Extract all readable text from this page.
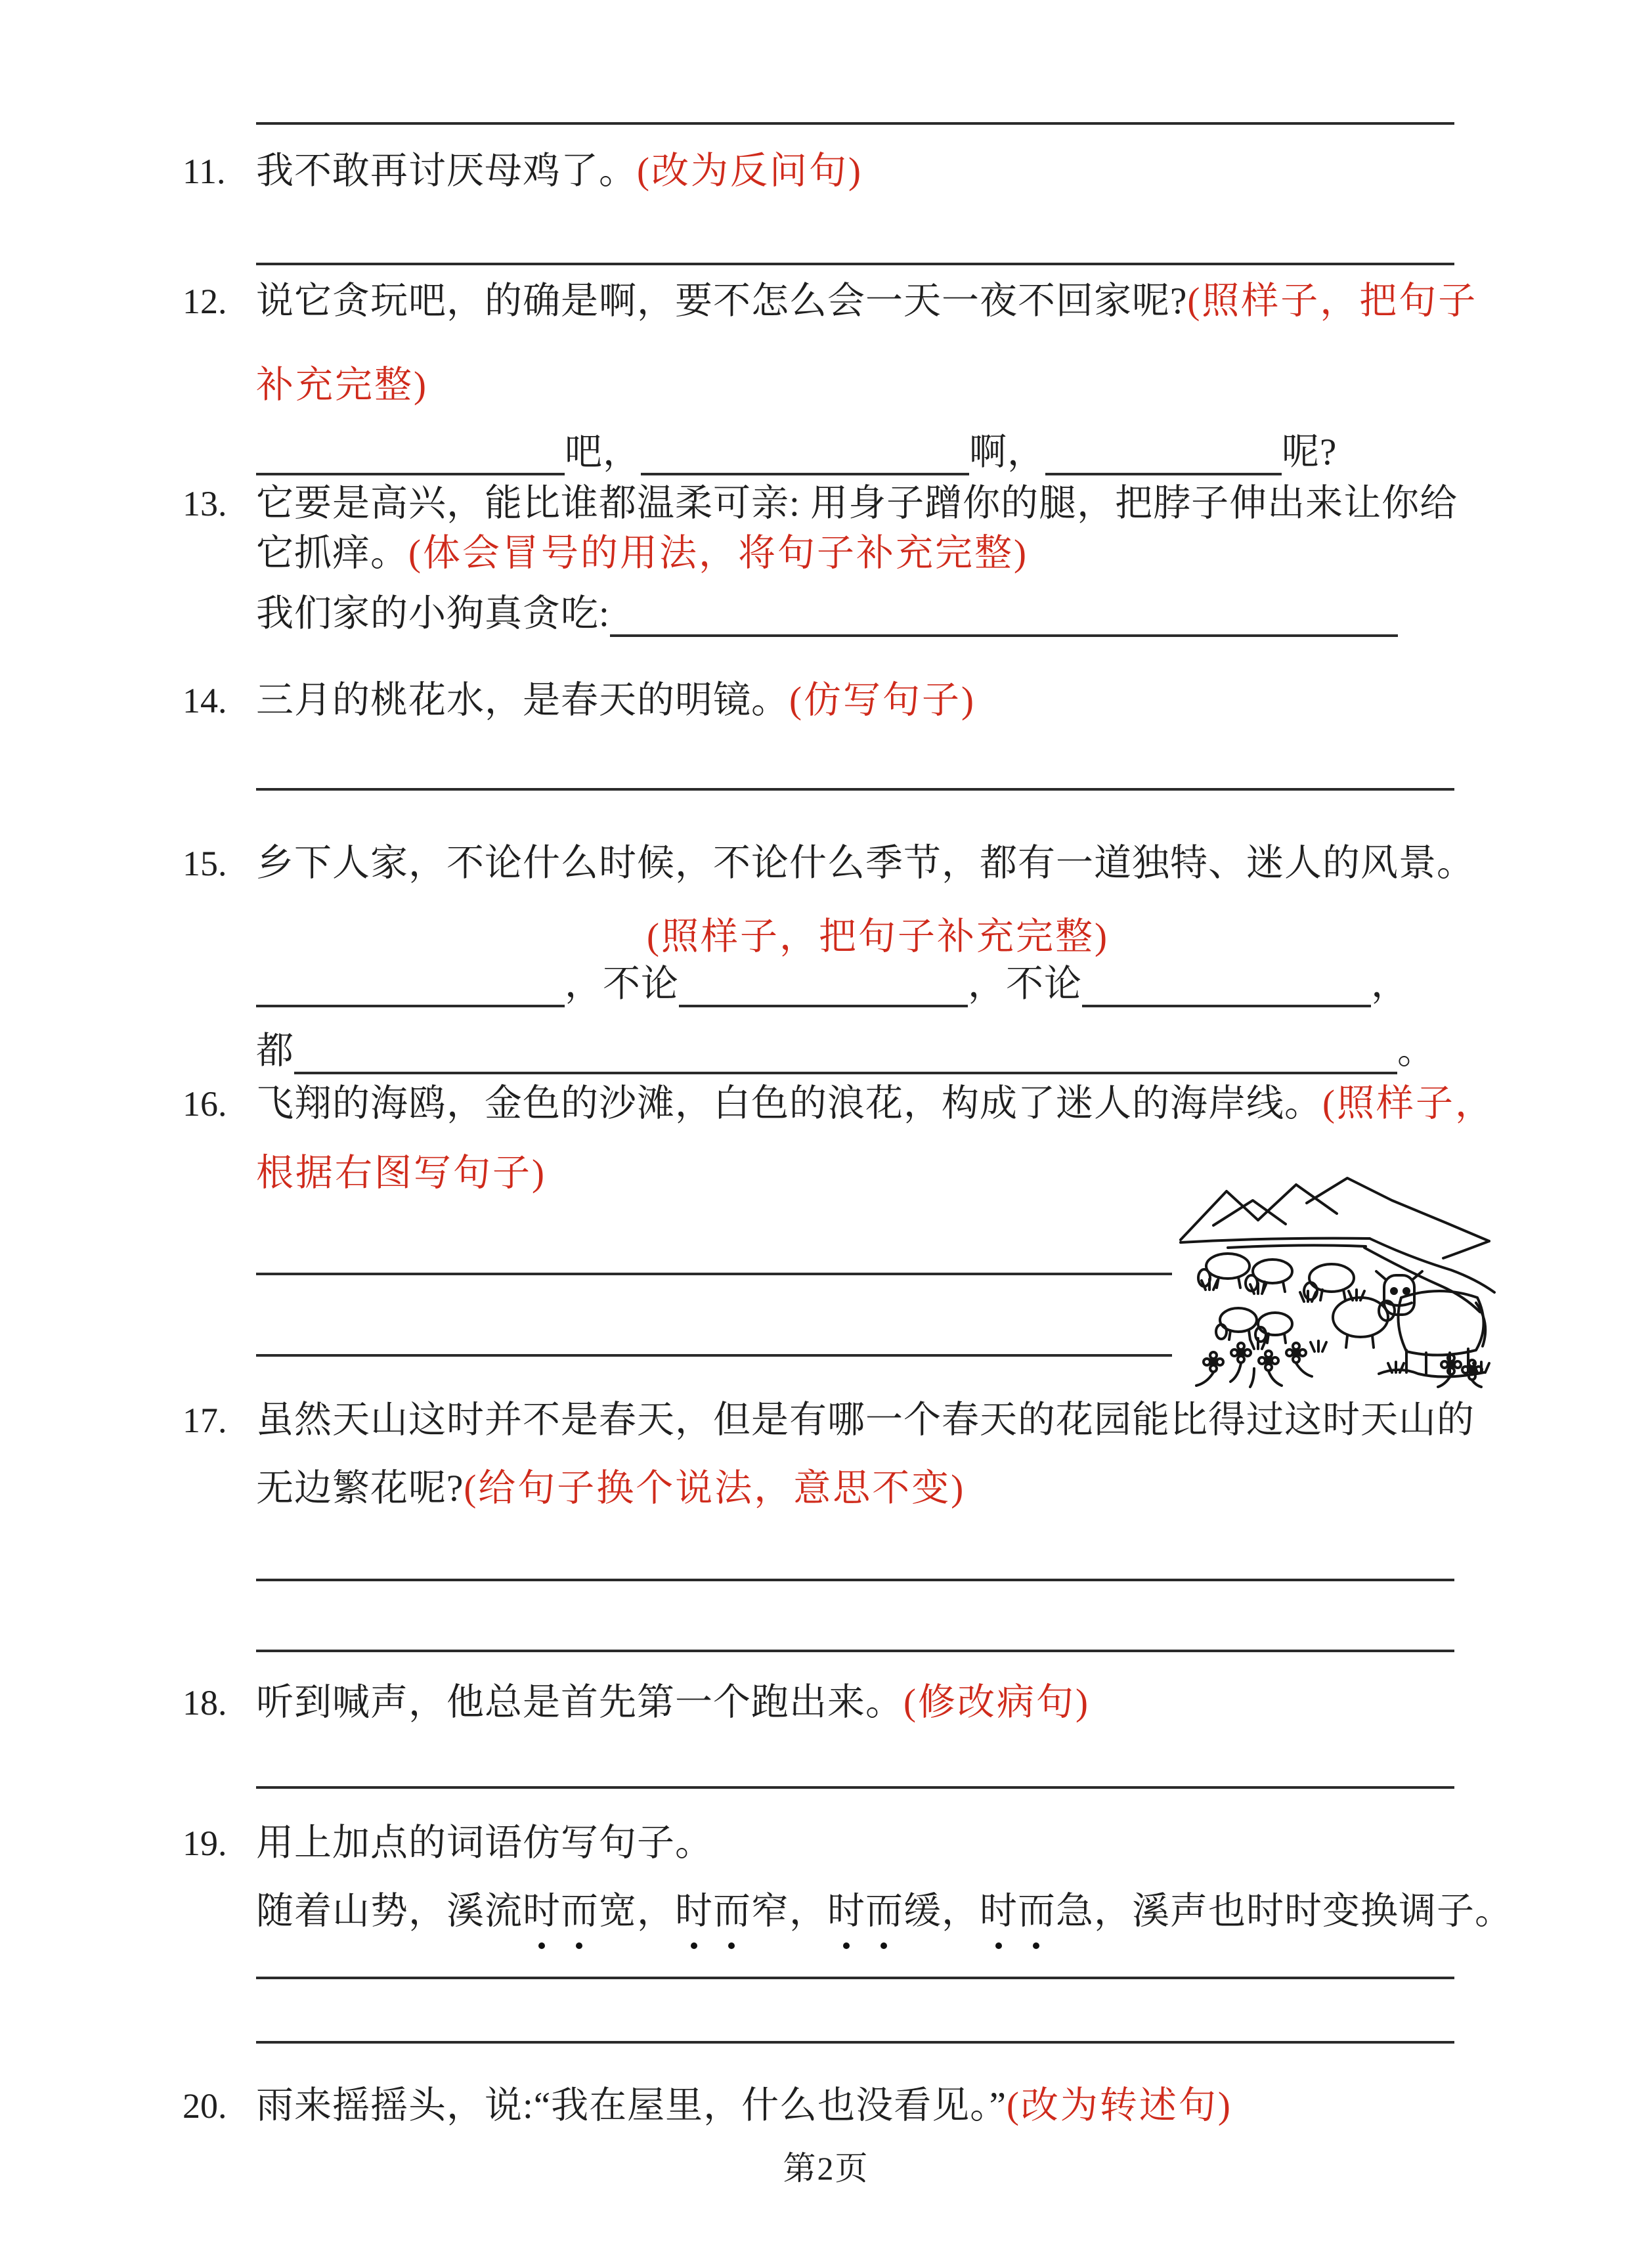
11. 我不敢再讨厌母鸡了。(改为反问句)
12. 说它贪玩吧，的确是啊，要不怎么会一天一夜不回家呢?(照样子，把句子
补充完整)
吧，	啊，	呢?
13. 它要是高兴，能比谁都温柔可亲: 用身子蹭你的腿，把脖子伸出来让你给
它抓痒。(体会冒号的用法，将句子补充完整)
我们家的小狗真贪吃:
14. 三月的桃花水，是春天的明镜。(仿写句子)
15. 乡下人家，不论什么时候，不论什么季节，都有一道独特、迷人的风景。
(照样子，把句子补充完整)
，不论	，不论	，
都	。
16. 飞翔的海鸥，金色的沙滩，白色的浪花，构成了迷人的海岸线。(照样子，
根据右图写句子)
17. 虽然天山这时并不是春天，但是有哪一个春天的花园能比得过这时天山的
无边繁花呢?(给句子换个说法，意思不变)
18. 听到喊声，他总是首先第一个跑出来。(修改病句)
19. 用上加点的词语仿写句子。
随着山势，溪流时而宽，时而窄，时而缓，时而急，溪声也时时变换调子。
20. 雨来摇摇头，说:“我在屋里，什么也没看见。”(改为转述句)
第2页
